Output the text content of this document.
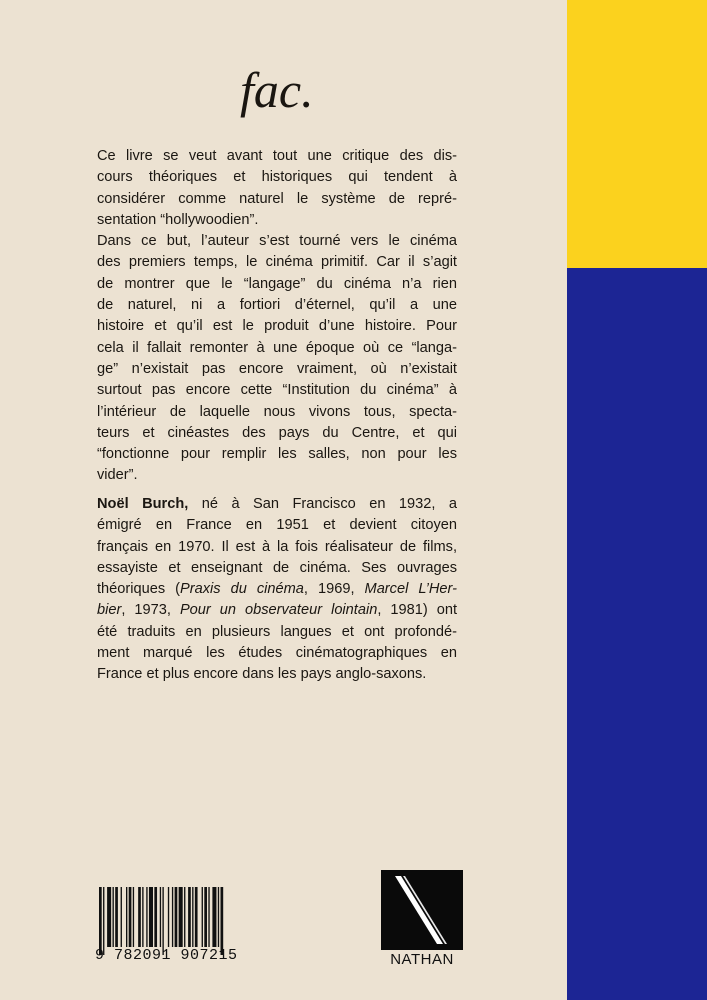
fac.
Ce livre se veut avant tout une critique des dis-
cours théoriques et historiques qui tendent à
considérer comme naturel le système de repré-
sentation “hollywoodien”.
Dans ce but, l’auteur s’est tourné vers le cinéma
des premiers temps, le cinéma primitif. Car il s’agit
de montrer que le “langage” du cinéma n’a rien
de naturel, ni a fortiori d’éternel, qu’il a une
histoire et qu’il est le produit d’une histoire. Pour
cela il fallait remonter à une époque où ce “langa-
ge” n’existait pas encore vraiment, où n’existait
surtout pas encore cette “Institution du cinéma” à
l’intérieur de laquelle nous vivons tous, specta-
teurs et cinéastes des pays du Centre, et qui
“fonctionne pour remplir les salles, non pour les
vider”.
Noël Burch, né à San Francisco en 1932, a
émigré en France en 1951 et devient citoyen
français en 1970. Il est à la fois réalisateur de films,
essayiste et enseignant de cinéma. Ses ouvrages
théoriques (Praxis du cinéma, 1969, Marcel L’Her-
bier, 1973, Pour un observateur lointain, 1981) ont
été traduits en plusieurs langues et ont profondé-
ment marqué les études cinématographiques en
France et plus encore dans les pays anglo-saxons.
9 782091 907215	NATHAN
